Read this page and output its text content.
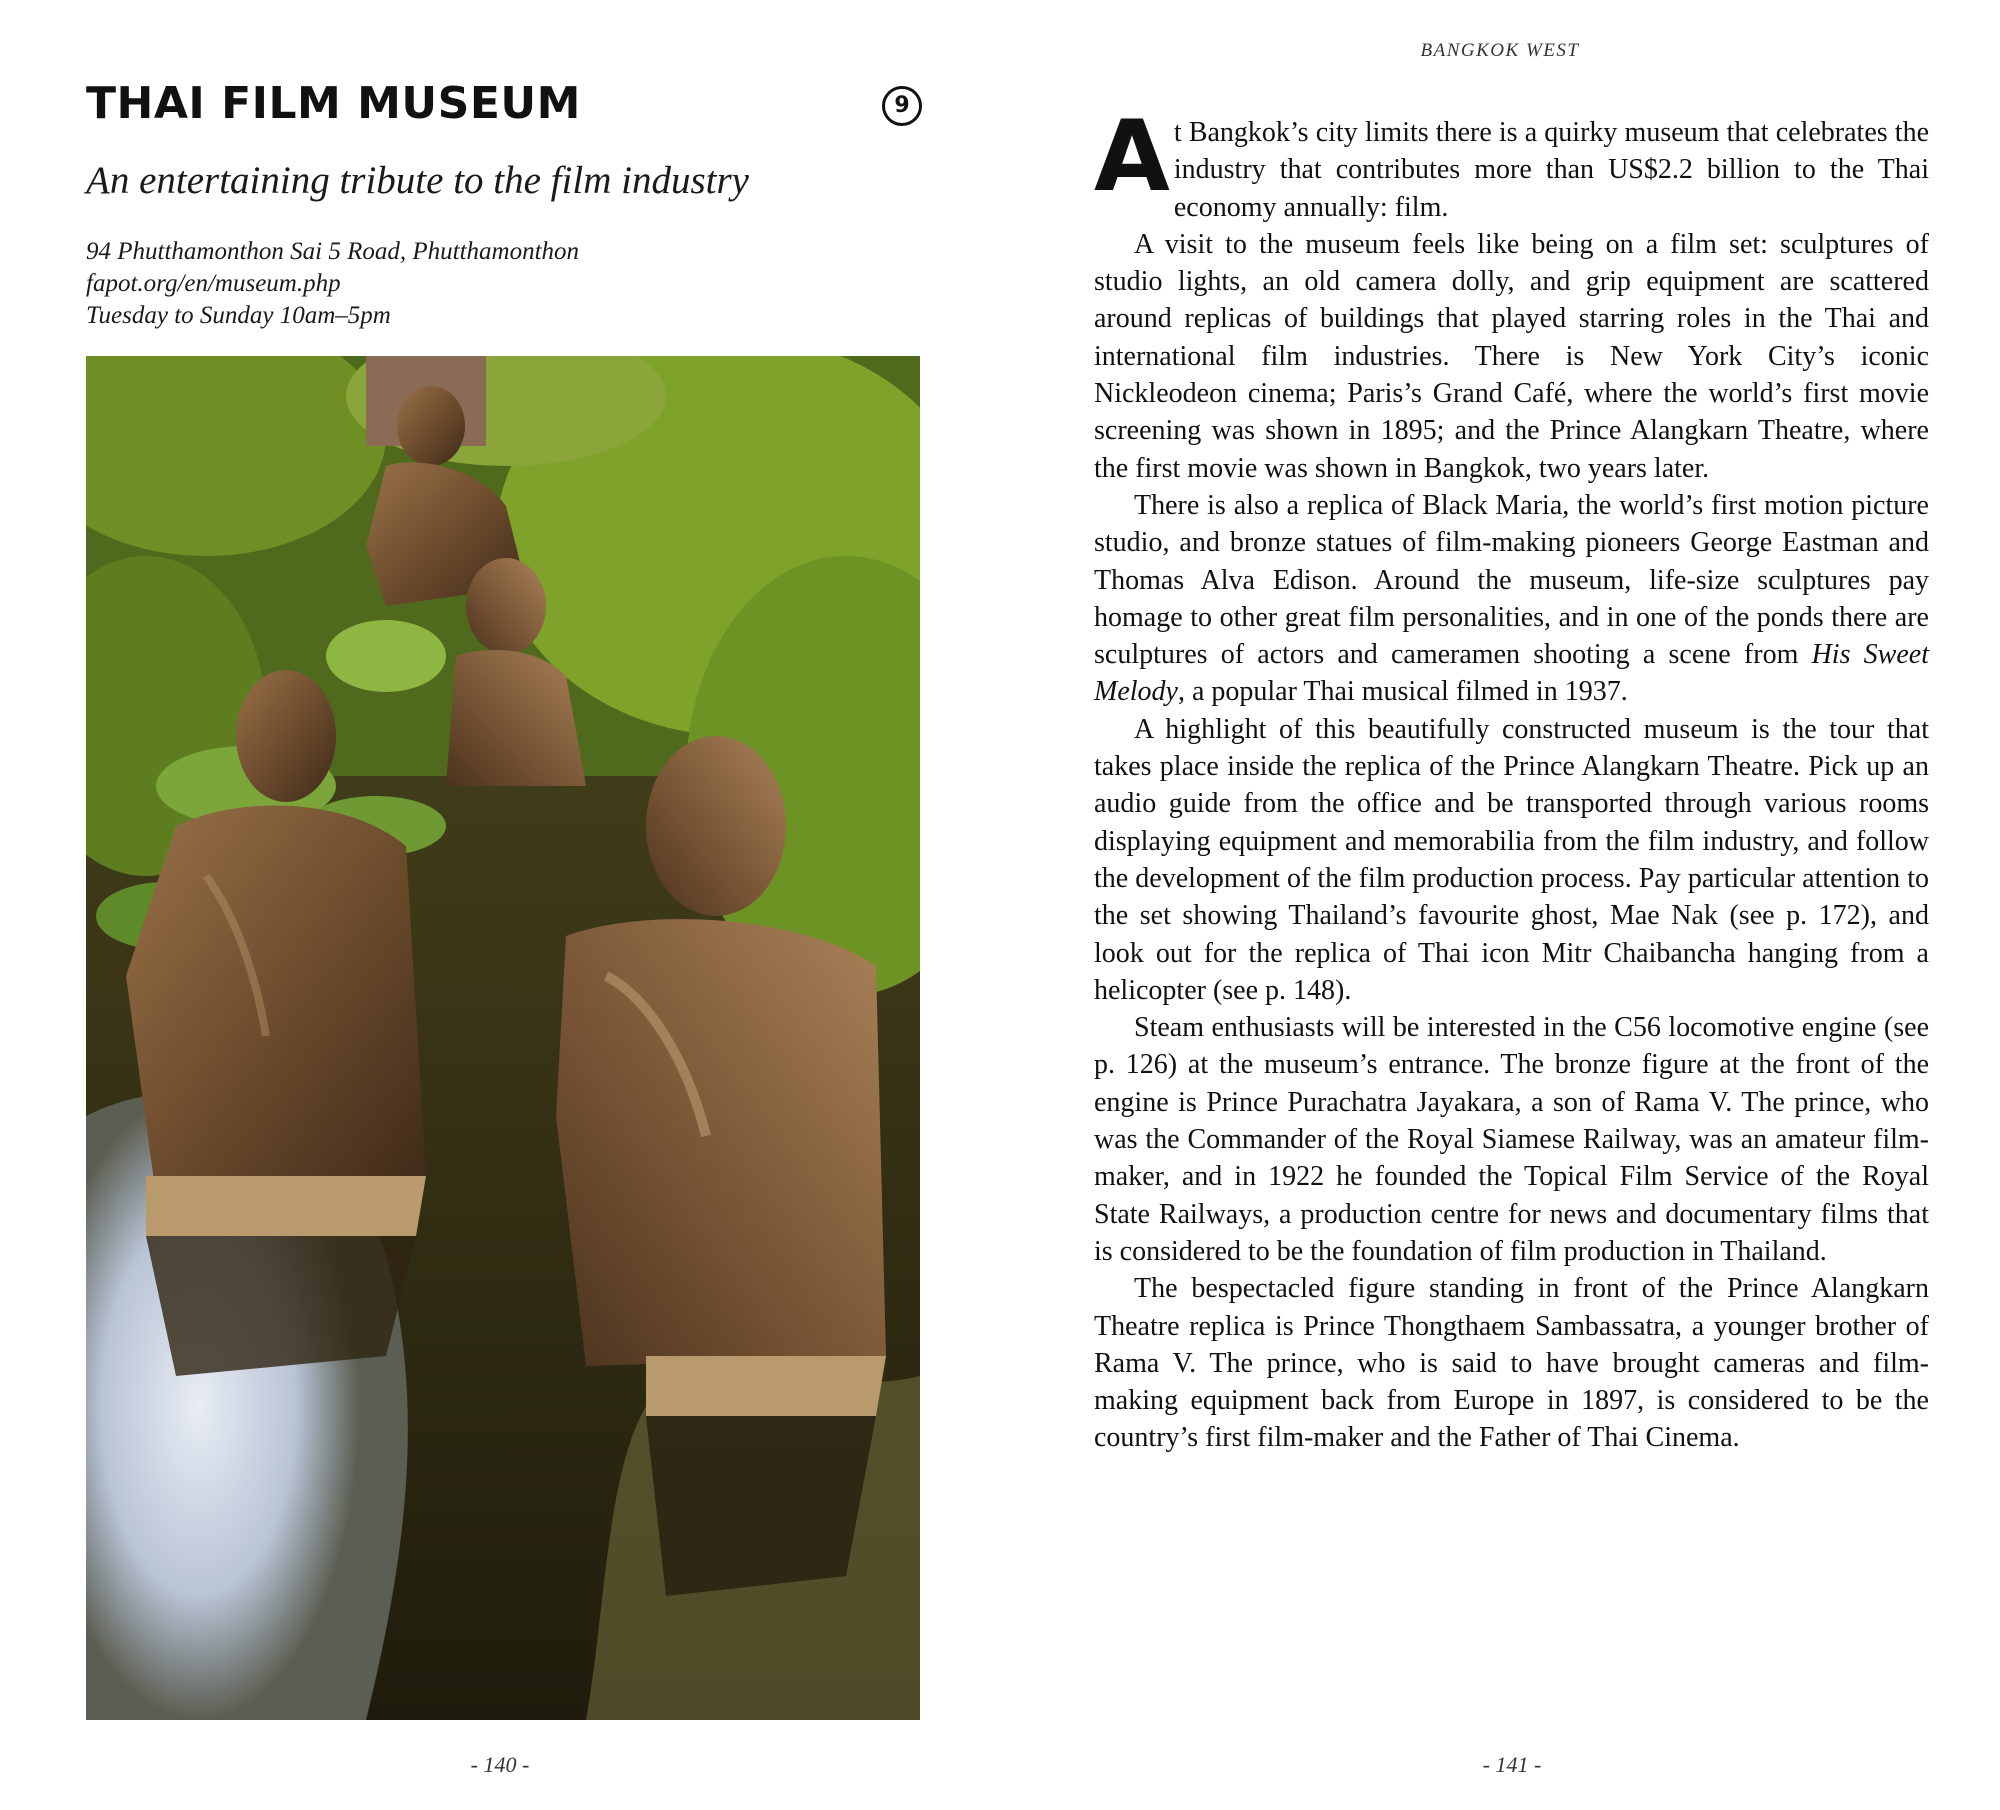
THAI FILM MUSEUM	9
An entertaining tribute to the film industry
94 Phutthamonthon Sai 5 Road, Phutthamonthon
fapot.org/en/museum.php
Tuesday to Sunday 10am–5pm
- 140 -
BANGKOK WEST

At Bangkok’s city limits there is a quirky museum that celebrates the industry that contributes more than US$2.2 billion to the Thai economy annually: film.

A visit to the museum feels like being on a film set: sculptures of studio lights, an old camera dolly, and grip equipment are scattered around replicas of buildings that played starring roles in the Thai and international film industries. There is New York City’s iconic Nickleodeon cinema; Paris’s Grand Café, where the world’s first movie screening was shown in 1895; and the Prince Alangkarn Theatre, where the first movie was shown in Bangkok, two years later.

There is also a replica of Black Maria, the world’s first motion picture studio, and bronze statues of film-making pioneers George Eastman and Thomas Alva Edison. Around the museum, life-size sculptures pay homage to other great film personalities, and in one of the ponds there are sculptures of actors and cameramen shooting a scene from His Sweet Melody, a popular Thai musical filmed in 1937.

A highlight of this beautifully constructed museum is the tour that takes place inside the replica of the Prince Alangkarn Theatre. Pick up an audio guide from the office and be transported through various rooms displaying equipment and memorabilia from the film industry, and follow the development of the film production process. Pay particular attention to the set showing Thailand’s favourite ghost, Mae Nak (see p. 172), and look out for the replica of Thai icon Mitr Chaibancha hanging from a helicopter (see p. 148).

Steam enthusiasts will be interested in the C56 locomotive engine (see p. 126) at the museum’s entrance. The bronze figure at the front of the engine is Prince Purachatra Jayakara, a son of Rama V. The prince, who was the Commander of the Royal Siamese Railway, was an amateur film-maker, and in 1922 he founded the Topical Film Service of the Royal State Railways, a production centre for news and documentary films that is considered to be the foundation of film production in Thailand.

The bespectacled figure standing in front of the Prince Alangkarn Theatre replica is Prince Thongthaem Sambassatra, a younger brother of Rama V. The prince, who is said to have brought cameras and film-making equipment back from Europe in 1897, is considered to be the country’s first film-maker and the Father of Thai Cinema.

- 141 -
